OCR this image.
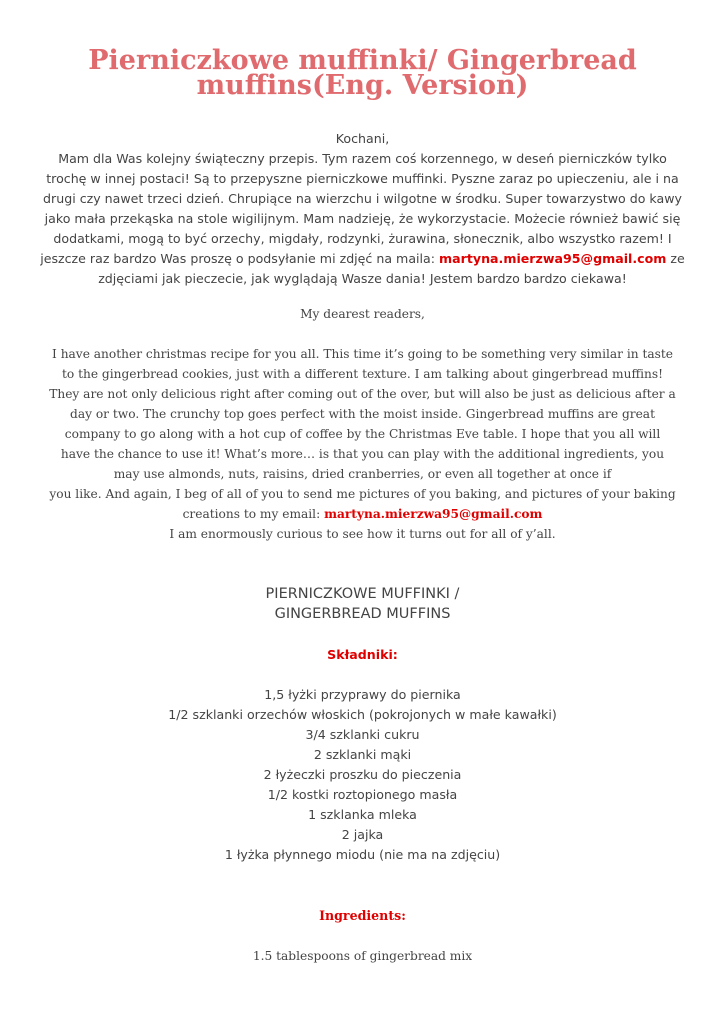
Pierniczkowe muffinki/ Gingerbread muffins(Eng. Version)
Kochani,
Mam dla Was kolejny świąteczny przepis. Tym razem coś korzennego, w deseń pierniczków tylko
trochę w innej postaci! Są to przepyszne pierniczkowe muffinki. Pyszne zaraz po upieczeniu, ale i na
drugi czy nawet trzeci dzień. Chrupiące na wierzchu i wilgotne w środku. Super towarzystwo do kawy
jako mała przekąska na stole wigilijnym. Mam nadzieję, że wykorzystacie. Możecie również bawić się
dodatkami, mogą to być orzechy, migdały, rodzynki, żurawina, słonecznik, albo wszystko razem! I
jeszcze raz bardzo Was proszę o podsyłanie mi zdjęć na maila: martyna.mierzwa95@gmail.com ze
zdjęciami jak pieczecie, jak wyglądają Wasze dania! Jestem bardzo bardzo ciekawa!
My dearest readers,
I have another christmas recipe for you all. This time it’s going to be something very similar in taste
to the gingerbread cookies, just with a different texture. I am talking about gingerbread muffins!
They are not only delicious right after coming out of the over, but will also be just as delicious after a
day or two. The crunchy top goes perfect with the moist inside. Gingerbread muffins are great
company to go along with a hot cup of coffee by the Christmas Eve table. I hope that you all will
have the chance to use it! What’s more… is that you can play with the additional ingredients, you
may use almonds, nuts, raisins, dried cranberries, or even all together at once if
you like. And again, I beg of all of you to send me pictures of you baking, and pictures of your baking
creations to my email: martyna.mierzwa95@gmail.com
I am enormously curious to see how it turns out for all of y’all.
PIERNICZKOWE MUFFINKI /
GINGERBREAD MUFFINS
Składniki:
1,5 łyżki przyprawy do piernika
1/2 szklanki orzechów włoskich (pokrojonych w małe kawałki)
3/4 szklanki cukru
2 szklanki mąki
2 łyżeczki proszku do pieczenia
1/2 kostki roztopionego masła
1 szklanka mleka
2 jajka
1 łyżka płynnego miodu (nie ma na zdjęciu)
Ingredients:
1.5 tablespoons of gingerbread mix
